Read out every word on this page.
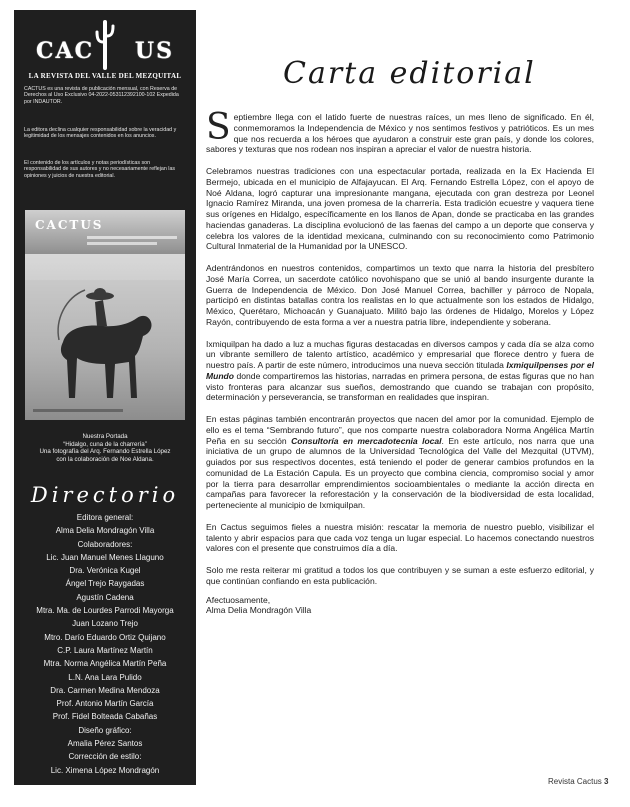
CAC US
LA REVISTA DEL VALLE DEL MEZQUITAL
CACTUS es una revista de publicación mensual, con Reserva de Derechos al Uso Exclusivo 04-2022-053112392100-102 Expedida por INDAUTOR.
La editora declina cualquier responsabilidad sobre la veracidad y legitimidad de los mensajes contenidos en los anuncios.
El contenido de los artículos y notas periodísticas son responsabilidad de sus autores y no necesariamente reflejan las opiniones y juicios de nuestra editorial.
CACTUS
Nuestra Portada
“Hidalgo, cuna de la charrería”
Una fotografía del Arq. Fernando Estrella López
con la colaboración de Noe Aldana.
Directorio
Editora general:
Alma Delia Mondragón Villa
Colaboradores:
Lic. Juan Manuel Menes Llaguno
Dra. Verónica Kugel
Ángel Trejo Raygadas
Agustín Cadena
Mtra. Ma. de Lourdes Parrodi Mayorga
Juan Lozano Trejo
Mtro. Darío Eduardo Ortiz Quijano
C.P. Laura Martínez Martín
Mtra. Norma Angélica Martín Peña
L.N. Ana Lara Pulido
Dra. Carmen Medina Mendoza
Prof. Antonio Martín García
Prof. Fidel Bolteada Cabañas
Diseño gráfico:
Amalia Pérez Santos
Corrección de estilo:
Lic. Ximena López Mondragón
Carta editorial

Septiembre llega con el latido fuerte de nuestras raíces, un mes lleno de significado. En él, conmemoramos la Independencia de México y nos sentimos festivos y patrióticos. Es un mes que nos recuerda a los héroes que ayudaron a construir este gran país, y donde los colores, sabores y texturas que nos rodean nos inspiran a apreciar el valor de nuestra historia.

Celebramos nuestras tradiciones con una espectacular portada, realizada en la Ex Hacienda El Bermejo, ubicada en el municipio de Alfajayucan. El Arq. Fernando Estrella López, con el apoyo de Noé Aldana, logró capturar una impresionante mangana, ejecutada con gran destreza por Leonel Ignacio Ramírez Miranda, una joven promesa de la charrería. Esta tradición ecuestre y vaquera tiene sus orígenes en Hidalgo, específicamente en los llanos de Apan, donde se practicaba en las grandes haciendas ganaderas. La disciplina evolucionó de las faenas del campo a un deporte que conserva y celebra los valores de la identidad mexicana, culminando con su reconocimiento como Patrimonio Cultural Inmaterial de la Humanidad por la UNESCO.

Adentrándonos en nuestros contenidos, compartimos un texto que narra la historia del presbítero José María Correa, un sacerdote católico novohispano que se unió al bando insurgente durante la Guerra de Independencia de México. Don José Manuel Correa, bachiller y párroco de Nopala, participó en distintas batallas contra los realistas en lo que actualmente son los estados de Hidalgo, México, Querétaro, Michoacán y Guanajuato. Militó bajo las órdenes de Hidalgo, Morelos y López Rayón, contribuyendo de esta forma a ver a nuestra patria libre, independiente y soberana.

Ixmiquilpan ha dado a luz a muchas figuras destacadas en diversos campos y cada día se alza como un vibrante semillero de talento artístico, académico y empresarial que florece dentro y fuera de nuestro país. A partir de este número, introducimos una nueva sección titulada Ixmiquilpenses por el Mundo donde compartiremos las historias, narradas en primera persona, de estas figuras que no han visto fronteras para alcanzar sus sueños, demostrando que cuando se trabajan con propósito, determinación y perseverancia, se transforman en realidades que inspiran.

En estas páginas también encontrarán proyectos que nacen del amor por la comunidad. Ejemplo de ello es el tema “Sembrando futuro”, que nos comparte nuestra colaboradora Norma Angélica Martín Peña en su sección Consultoría en mercadotecnia local. En este artículo, nos narra que una iniciativa de un grupo de alumnos de la Universidad Tecnológica del Valle del Mezquital (UTVM), guiados por sus respectivos docentes, está teniendo el poder de generar cambios profundos en la comunidad de La Estación Capula. Es un proyecto que combina ciencia, compromiso social y amor por la tierra para desarrollar emprendimientos socioambientales o mediante la acción directa en campañas para favorecer la reforestación y la conservación de la biodiversidad de esta localidad, perteneciente al municipio de Ixmiquilpan.

En Cactus seguimos fieles a nuestra misión: rescatar la memoria de nuestro pueblo, visibilizar el talento y abrir espacios para que cada voz tenga un lugar especial. Lo hacemos conectando nuestros valores con el presente que construimos día a día.

Solo me resta reiterar mi gratitud a todos los que contribuyen y se suman a este esfuerzo editorial, y que continúan confiando en esta publicación.

Afectuosamente,
Alma Delia Mondragón Villa
Revista Cactus 3
